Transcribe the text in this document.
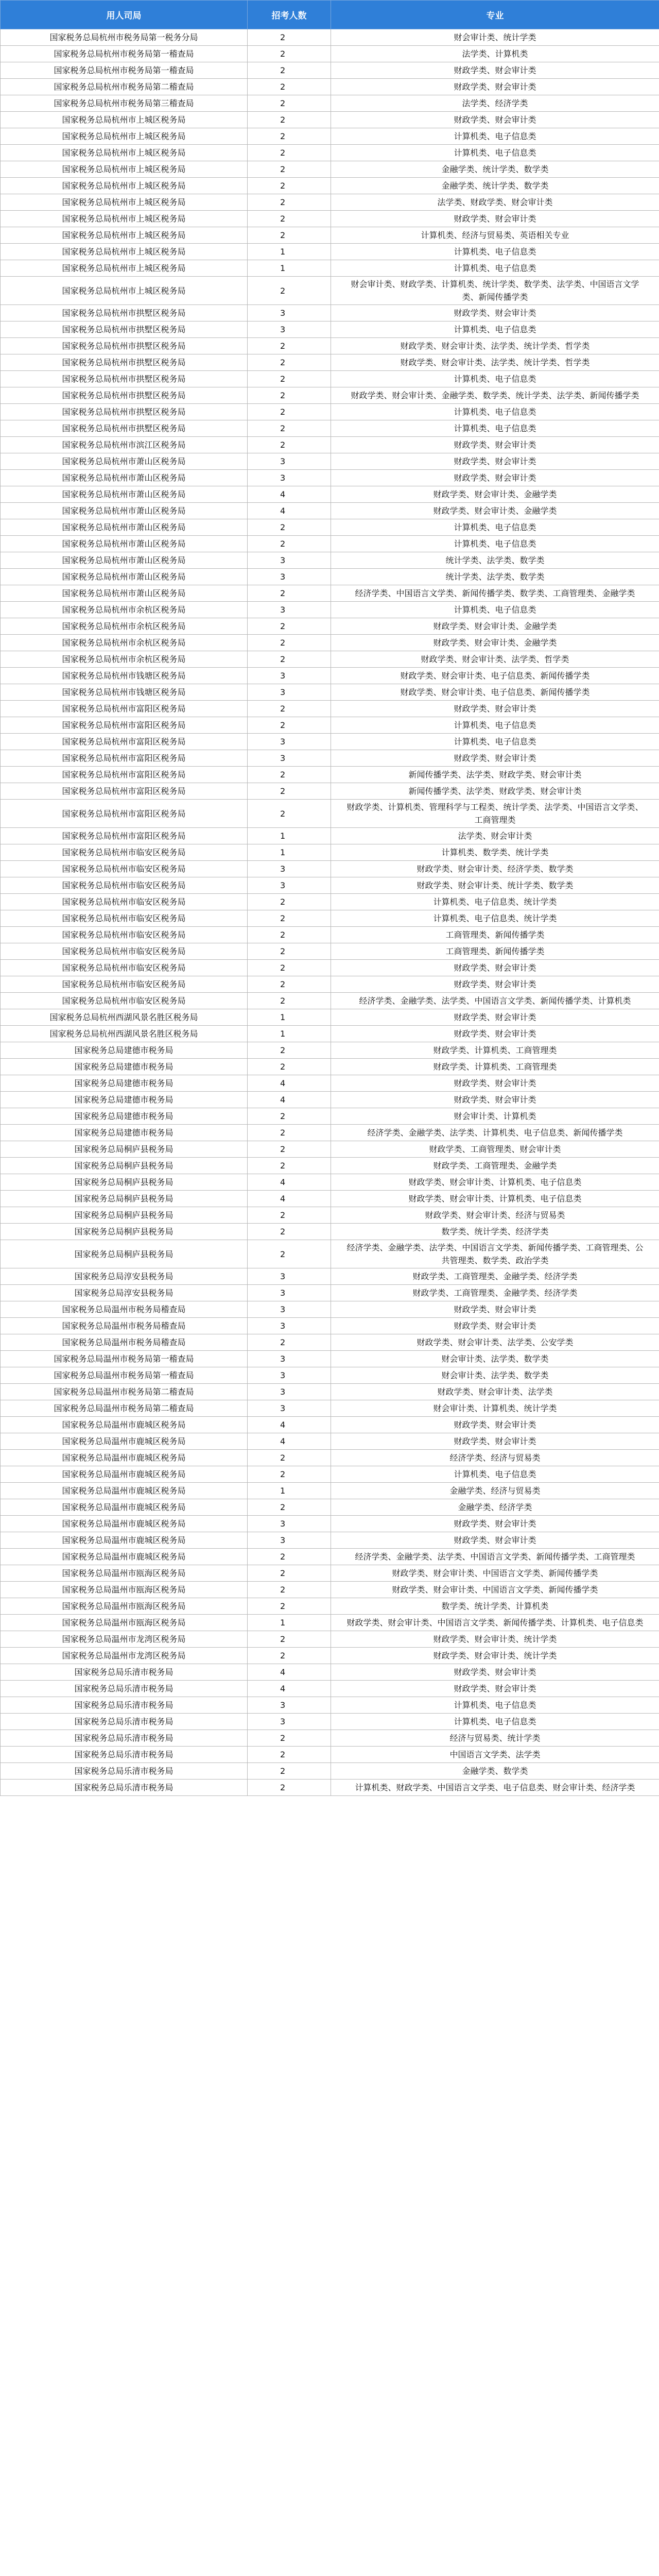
用人司局	招考人数	专业
国家税务总局杭州市税务局第一税务分局	2	财会审计类、统计学类
国家税务总局杭州市税务局第一稽查局	2	法学类、计算机类
国家税务总局杭州市税务局第一稽查局	2	财政学类、财会审计类
国家税务总局杭州市税务局第二稽查局	2	财政学类、财会审计类
国家税务总局杭州市税务局第三稽查局	2	法学类、经济学类
国家税务总局杭州市上城区税务局	2	财政学类、财会审计类
国家税务总局杭州市上城区税务局	2	计算机类、电子信息类
国家税务总局杭州市上城区税务局	2	计算机类、电子信息类
国家税务总局杭州市上城区税务局	2	金融学类、统计学类、数学类
国家税务总局杭州市上城区税务局	2	金融学类、统计学类、数学类
国家税务总局杭州市上城区税务局	2	法学类、财政学类、财会审计类
国家税务总局杭州市上城区税务局	2	财政学类、财会审计类
国家税务总局杭州市上城区税务局	2	计算机类、经济与贸易类、英语相关专业
国家税务总局杭州市上城区税务局	1	计算机类、电子信息类
国家税务总局杭州市上城区税务局	1	计算机类、电子信息类
国家税务总局杭州市上城区税务局	2	财会审计类、财政学类、计算机类、统计学类、数学类、法学类、中国语言文学类、新闻传播学类
国家税务总局杭州市拱墅区税务局	3	财政学类、财会审计类
国家税务总局杭州市拱墅区税务局	3	计算机类、电子信息类
国家税务总局杭州市拱墅区税务局	2	财政学类、财会审计类、法学类、统计学类、哲学类
国家税务总局杭州市拱墅区税务局	2	财政学类、财会审计类、法学类、统计学类、哲学类
国家税务总局杭州市拱墅区税务局	2	计算机类、电子信息类
国家税务总局杭州市拱墅区税务局	2	财政学类、财会审计类、金融学类、数学类、统计学类、法学类、新闻传播学类
国家税务总局杭州市拱墅区税务局	2	计算机类、电子信息类
国家税务总局杭州市拱墅区税务局	2	计算机类、电子信息类
国家税务总局杭州市滨江区税务局	2	财政学类、财会审计类
国家税务总局杭州市萧山区税务局	3	财政学类、财会审计类
国家税务总局杭州市萧山区税务局	3	财政学类、财会审计类
国家税务总局杭州市萧山区税务局	4	财政学类、财会审计类、金融学类
国家税务总局杭州市萧山区税务局	4	财政学类、财会审计类、金融学类
国家税务总局杭州市萧山区税务局	2	计算机类、电子信息类
国家税务总局杭州市萧山区税务局	2	计算机类、电子信息类
国家税务总局杭州市萧山区税务局	3	统计学类、法学类、数学类
国家税务总局杭州市萧山区税务局	3	统计学类、法学类、数学类
国家税务总局杭州市萧山区税务局	2	经济学类、中国语言文学类、新闻传播学类、数学类、工商管理类、金融学类
国家税务总局杭州市余杭区税务局	3	计算机类、电子信息类
国家税务总局杭州市余杭区税务局	2	财政学类、财会审计类、金融学类
国家税务总局杭州市余杭区税务局	2	财政学类、财会审计类、金融学类
国家税务总局杭州市余杭区税务局	2	财政学类、财会审计类、法学类、哲学类
国家税务总局杭州市钱塘区税务局	3	财政学类、财会审计类、电子信息类、新闻传播学类
国家税务总局杭州市钱塘区税务局	3	财政学类、财会审计类、电子信息类、新闻传播学类
国家税务总局杭州市富阳区税务局	2	财政学类、财会审计类
国家税务总局杭州市富阳区税务局	2	计算机类、电子信息类
国家税务总局杭州市富阳区税务局	3	计算机类、电子信息类
国家税务总局杭州市富阳区税务局	3	财政学类、财会审计类
国家税务总局杭州市富阳区税务局	2	新闻传播学类、法学类、财政学类、财会审计类
国家税务总局杭州市富阳区税务局	2	新闻传播学类、法学类、财政学类、财会审计类
国家税务总局杭州市富阳区税务局	2	财政学类、计算机类、管理科学与工程类、统计学类、法学类、中国语言文学类、工商管理类
国家税务总局杭州市富阳区税务局	1	法学类、财会审计类
国家税务总局杭州市临安区税务局	1	计算机类、数学类、统计学类
国家税务总局杭州市临安区税务局	3	财政学类、财会审计类、经济学类、数学类
国家税务总局杭州市临安区税务局	3	财政学类、财会审计类、统计学类、数学类
国家税务总局杭州市临安区税务局	2	计算机类、电子信息类、统计学类
国家税务总局杭州市临安区税务局	2	计算机类、电子信息类、统计学类
国家税务总局杭州市临安区税务局	2	工商管理类、新闻传播学类
国家税务总局杭州市临安区税务局	2	工商管理类、新闻传播学类
国家税务总局杭州市临安区税务局	2	财政学类、财会审计类
国家税务总局杭州市临安区税务局	2	财政学类、财会审计类
国家税务总局杭州市临安区税务局	2	经济学类、金融学类、法学类、中国语言文学类、新闻传播学类、计算机类
国家税务总局杭州西湖风景名胜区税务局	1	财政学类、财会审计类
国家税务总局杭州西湖风景名胜区税务局	1	财政学类、财会审计类
国家税务总局建德市税务局	2	财政学类、计算机类、工商管理类
国家税务总局建德市税务局	2	财政学类、计算机类、工商管理类
国家税务总局建德市税务局	4	财政学类、财会审计类
国家税务总局建德市税务局	4	财政学类、财会审计类
国家税务总局建德市税务局	2	财会审计类、计算机类
国家税务总局建德市税务局	2	经济学类、金融学类、法学类、计算机类、电子信息类、新闻传播学类
国家税务总局桐庐县税务局	2	财政学类、工商管理类、财会审计类
国家税务总局桐庐县税务局	2	财政学类、工商管理类、金融学类
国家税务总局桐庐县税务局	4	财政学类、财会审计类、计算机类、电子信息类
国家税务总局桐庐县税务局	4	财政学类、财会审计类、计算机类、电子信息类
国家税务总局桐庐县税务局	2	财政学类、财会审计类、经济与贸易类
国家税务总局桐庐县税务局	2	数学类、统计学类、经济学类
国家税务总局桐庐县税务局	2	经济学类、金融学类、法学类、中国语言文学类、新闻传播学类、工商管理类、公共管理类、数学类、政治学类
国家税务总局淳安县税务局	3	财政学类、工商管理类、金融学类、经济学类
国家税务总局淳安县税务局	3	财政学类、工商管理类、金融学类、经济学类
国家税务总局温州市税务局稽查局	3	财政学类、财会审计类
国家税务总局温州市税务局稽查局	3	财政学类、财会审计类
国家税务总局温州市税务局稽查局	2	财政学类、财会审计类、法学类、公安学类
国家税务总局温州市税务局第一稽查局	3	财会审计类、法学类、数学类
国家税务总局温州市税务局第一稽查局	3	财会审计类、法学类、数学类
国家税务总局温州市税务局第二稽查局	3	财政学类、财会审计类、法学类
国家税务总局温州市税务局第二稽查局	3	财会审计类、计算机类、统计学类
国家税务总局温州市鹿城区税务局	4	财政学类、财会审计类
国家税务总局温州市鹿城区税务局	4	财政学类、财会审计类
国家税务总局温州市鹿城区税务局	2	经济学类、经济与贸易类
国家税务总局温州市鹿城区税务局	2	计算机类、电子信息类
国家税务总局温州市鹿城区税务局	1	金融学类、经济与贸易类
国家税务总局温州市鹿城区税务局	2	金融学类、经济学类
国家税务总局温州市鹿城区税务局	3	财政学类、财会审计类
国家税务总局温州市鹿城区税务局	3	财政学类、财会审计类
国家税务总局温州市鹿城区税务局	2	经济学类、金融学类、法学类、中国语言文学类、新闻传播学类、工商管理类
国家税务总局温州市瓯海区税务局	2	财政学类、财会审计类、中国语言文学类、新闻传播学类
国家税务总局温州市瓯海区税务局	2	财政学类、财会审计类、中国语言文学类、新闻传播学类
国家税务总局温州市瓯海区税务局	2	数学类、统计学类、计算机类
国家税务总局温州市瓯海区税务局	1	财政学类、财会审计类、中国语言文学类、新闻传播学类、计算机类、电子信息类
国家税务总局温州市龙湾区税务局	2	财政学类、财会审计类、统计学类
国家税务总局温州市龙湾区税务局	2	财政学类、财会审计类、统计学类
国家税务总局乐清市税务局	4	财政学类、财会审计类
国家税务总局乐清市税务局	4	财政学类、财会审计类
国家税务总局乐清市税务局	3	计算机类、电子信息类
国家税务总局乐清市税务局	3	计算机类、电子信息类
国家税务总局乐清市税务局	2	经济与贸易类、统计学类
国家税务总局乐清市税务局	2	中国语言文学类、法学类
国家税务总局乐清市税务局	2	金融学类、数学类
国家税务总局乐清市税务局	2	计算机类、财政学类、中国语言文学类、电子信息类、财会审计类、经济学类
